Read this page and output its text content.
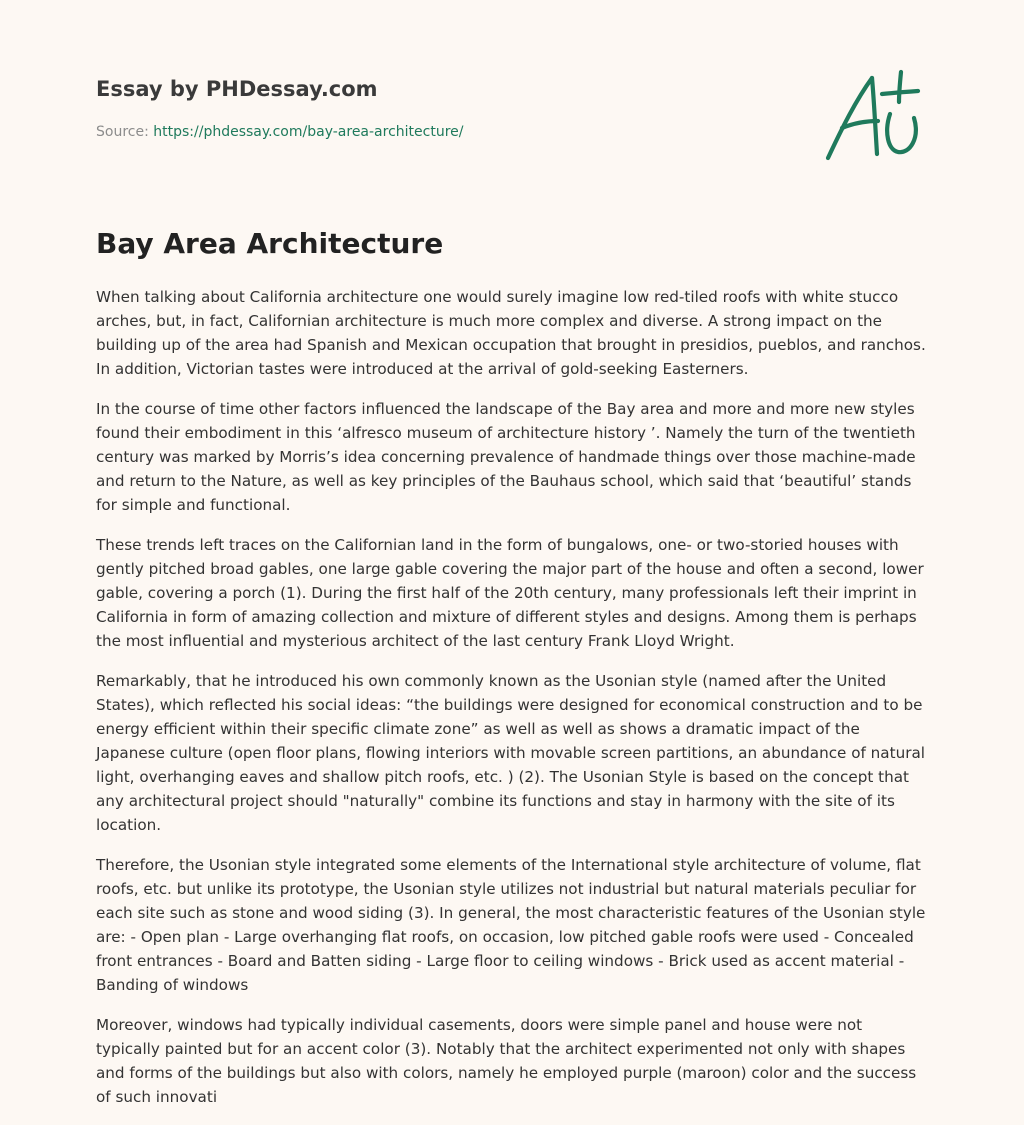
Essay by PHDessay.com
Source: https://phdessay.com/bay-area-architecture/
Bay Area Architecture

When talking about California architecture one would surely imagine low red-tiled roofs with white stucco arches, but, in fact, Californian architecture is much more complex and diverse. A strong impact on the building up of the area had Spanish and Mexican occupation that brought in presidios, pueblos, and ranchos. In addition, Victorian tastes were introduced at the arrival of gold-seeking Easterners.

In the course of time other factors influenced the landscape of the Bay area and more and more new styles found their embodiment in this ‘alfresco museum of architecture history ’. Namely the turn of the twentieth century was marked by Morris’s idea concerning prevalence of handmade things over those machine-made and return to the Nature, as well as key principles of the Bauhaus school, which said that ‘beautiful’ stands for simple and functional.

These trends left traces on the Californian land in the form of bungalows, one- or two-storied houses with gently pitched broad gables, one large gable covering the major part of the house and often a second, lower gable, covering a porch (1). During the first half of the 20th century, many professionals left their imprint in California in form of amazing collection and mixture of different styles and designs. Among them is perhaps the most influential and mysterious architect of the last century Frank Lloyd Wright.

Remarkably, that he introduced his own commonly known as the Usonian style (named after the United States), which reflected his social ideas: “the buildings were designed for economical construction and to be energy efficient within their specific climate zone” as well as well as shows a dramatic impact of the Japanese culture (open floor plans, flowing interiors with movable screen partitions, an abundance of natural light, overhanging eaves and shallow pitch roofs, etc. ) (2). The Usonian Style is based on the concept that any architectural project should "naturally" combine its functions and stay in harmony with the site of its location.

Therefore, the Usonian style integrated some elements of the International style architecture of volume, flat roofs, etc. but unlike its prototype, the Usonian style utilizes not industrial but natural materials peculiar for each site such as stone and wood siding (3). In general, the most characteristic features of the Usonian style are: - Open plan - Large overhanging flat roofs, on occasion, low pitched gable roofs were used - Concealed front entrances - Board and Batten siding - Large floor to ceiling windows - Brick used as accent material - Banding of windows

Moreover, windows had typically individual casements, doors were simple panel and house were not typically painted but for an accent color (3). Notably that the architect experimented not only with shapes and forms of the buildings but also with colors, namely he employed purple (maroon) color and the success of such innovati
